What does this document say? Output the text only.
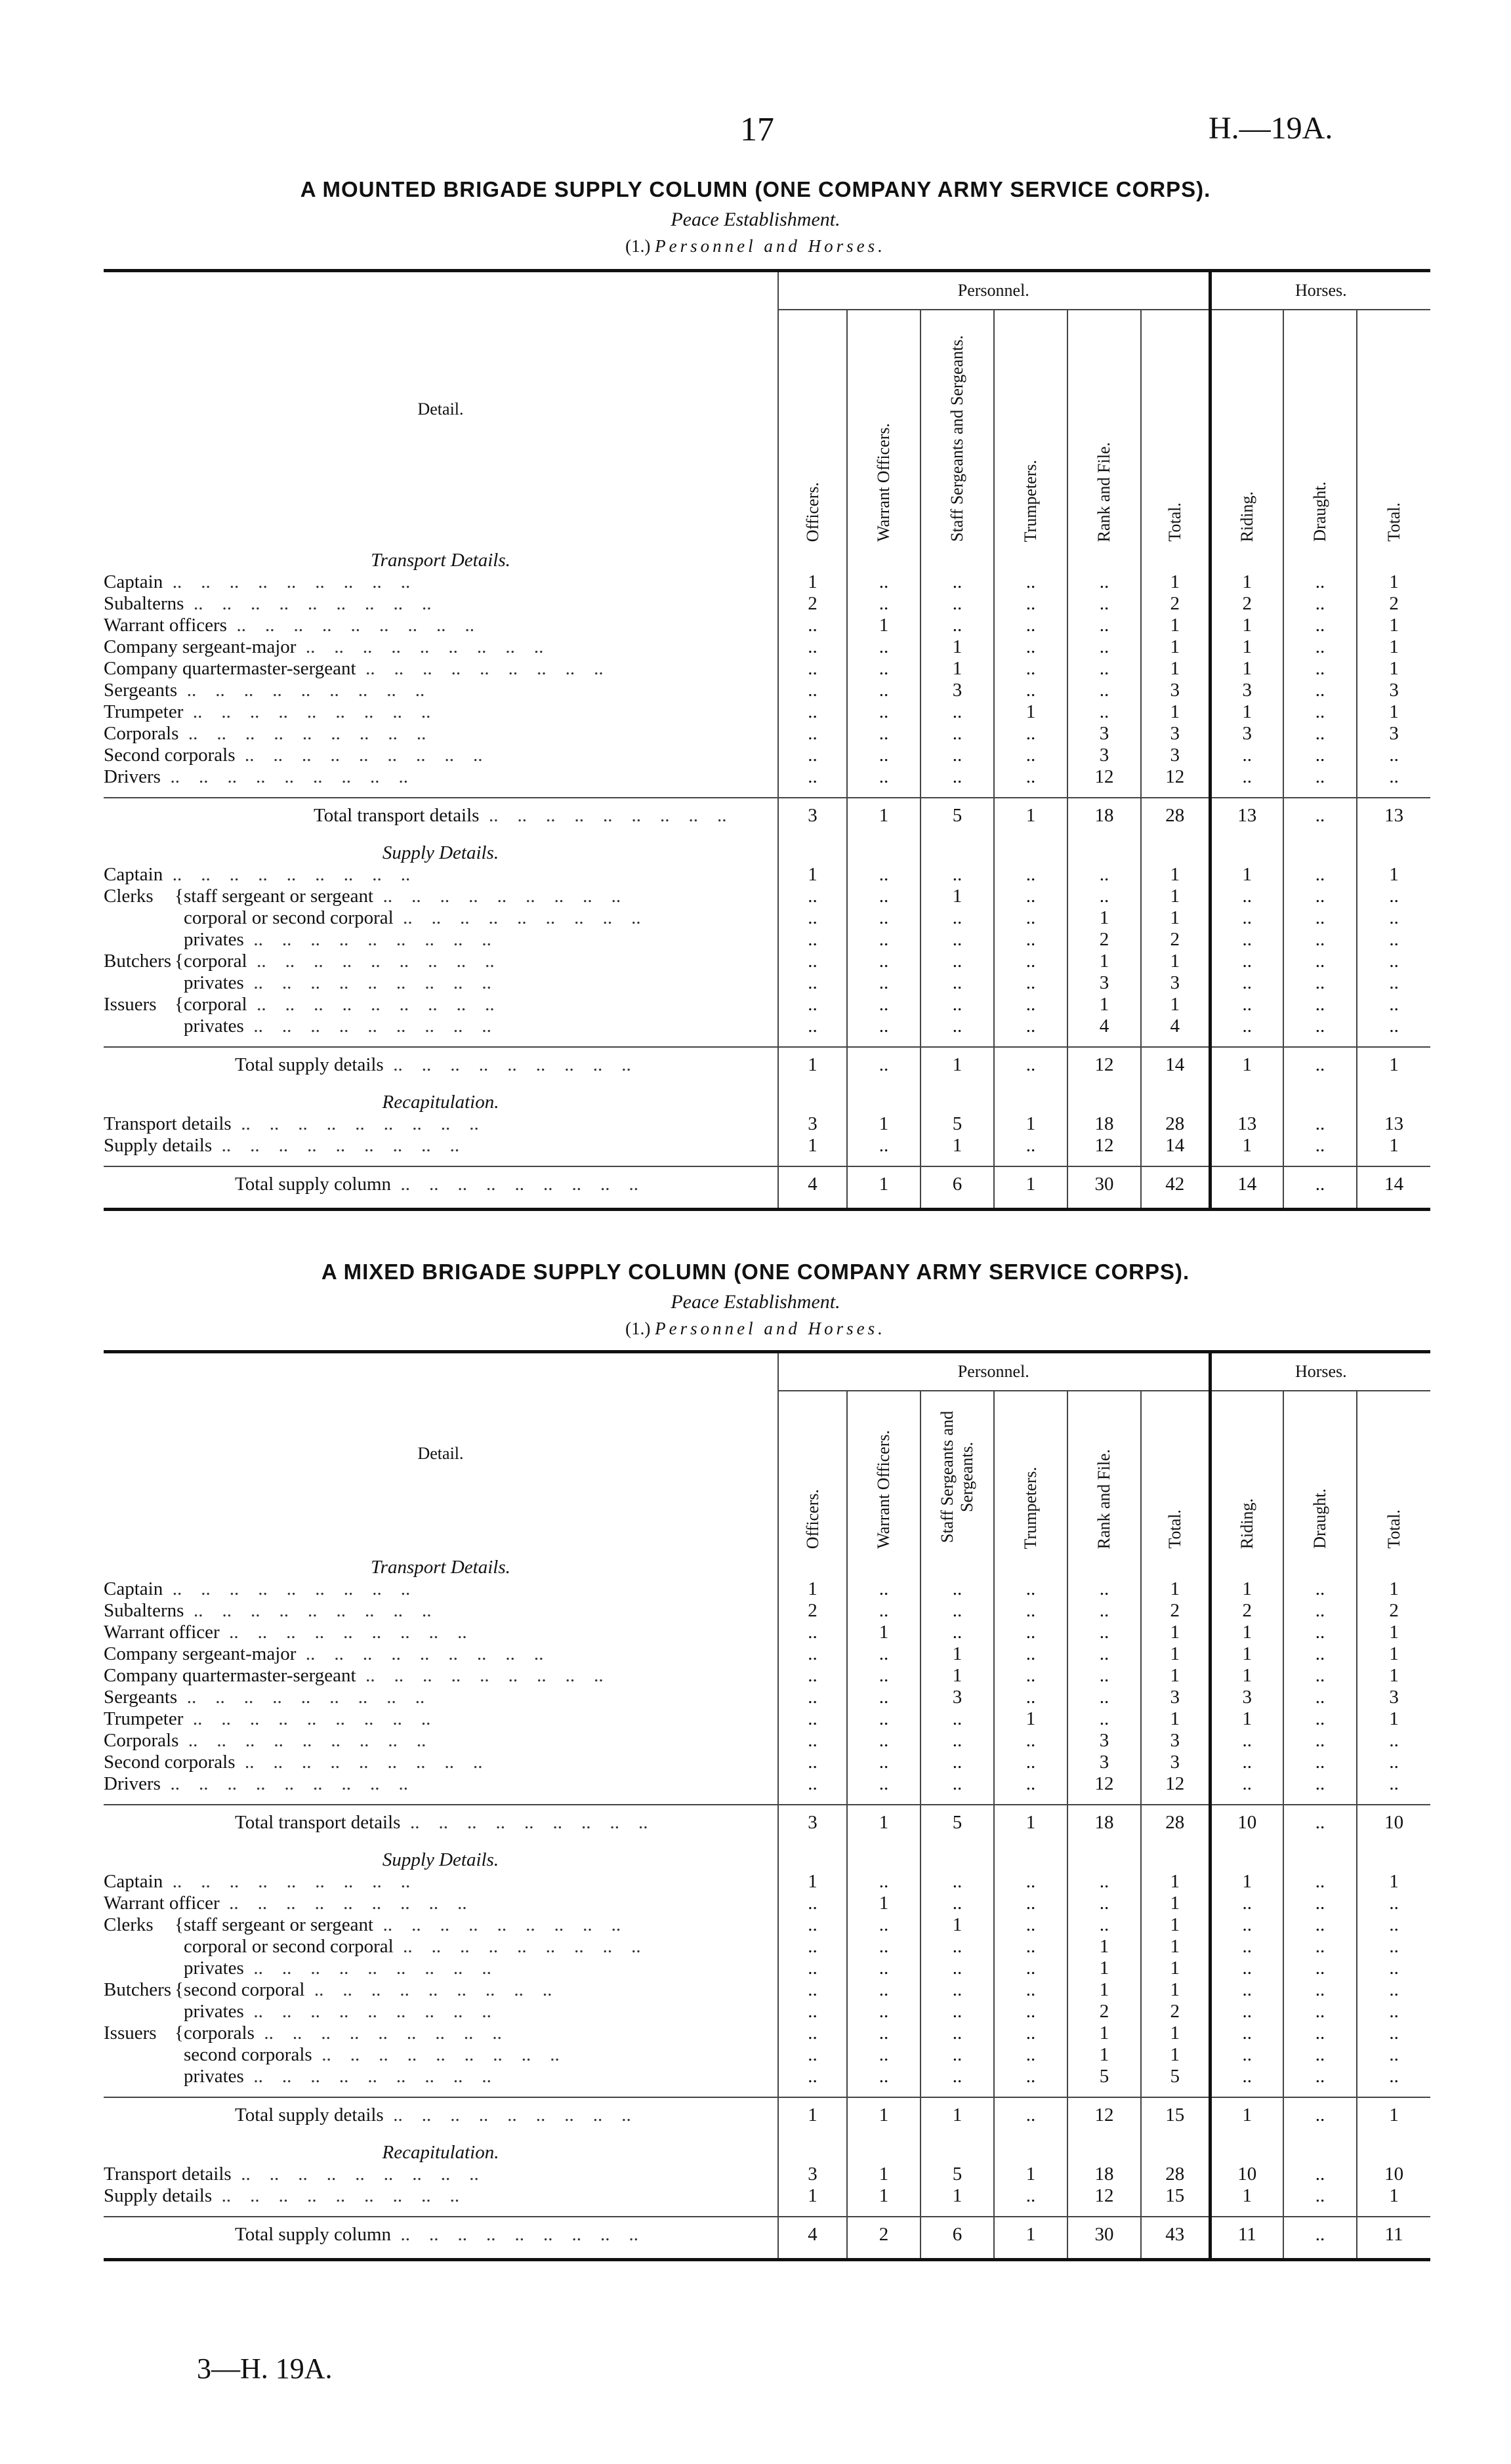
17	H.—19A.
A MOUNTED BRIGADE SUPPLY COLUMN (ONE COMPANY ARMY SERVICE CORPS).
Peace Establishment.
(1.) Personnel and Horses.
Detail.	Personnel.						Horses.		
	Officers.	Warrant Officers.	Staff Sergeants and Sergeants.	Trumpeters.	Rank and File.	Total.	Riding.	Draught.	Total.
Transport Details.									
Captain  ..    ..    ..    ..    ..    ..    ..    ..    ..	1	..	..	..	..	1	1	..	1
Subalterns  ..    ..    ..    ..    ..    ..    ..    ..    ..	2	..	..	..	..	2	2	..	2
Warrant officers  ..    ..    ..    ..    ..    ..    ..    ..    ..	..	1	..	..	..	1	1	..	1
Company sergeant-major  ..    ..    ..    ..    ..    ..    ..    ..    ..	..	..	1	..	..	1	1	..	1
Company quartermaster-sergeant  ..    ..    ..    ..    ..    ..    ..    ..    ..	..	..	1	..	..	1	1	..	1
Sergeants  ..    ..    ..    ..    ..    ..    ..    ..    ..	..	..	3	..	..	3	3	..	3
Trumpeter  ..    ..    ..    ..    ..    ..    ..    ..    ..	..	..	..	1	..	1	1	..	1
Corporals  ..    ..    ..    ..    ..    ..    ..    ..    ..	..	..	..	..	3	3	3	..	3
Second corporals  ..    ..    ..    ..    ..    ..    ..    ..    ..	..	..	..	..	3	3	..	..	..
Drivers  ..    ..    ..    ..    ..    ..    ..    ..    ..	..	..	..	..	12	12	..	..	..

Total transport details  ..    ..    ..    ..    ..    ..    ..    ..    ..	3	1	5	1	18	28	13	..	13

Supply Details.									
Captain  ..    ..    ..    ..    ..    ..    ..    ..    ..	1	..	..	..	..	1	1	..	1
Clerks {staff sergeant or sergeant  ..    ..    ..    ..    ..    ..    ..    ..    ..	..	..	1	..	..	1	..	..	..
corporal or second corporal  ..    ..    ..    ..    ..    ..    ..    ..    ..	..	..	..	..	1	1	..	..	..
privates  ..    ..    ..    ..    ..    ..    ..    ..    ..	..	..	..	..	2	2	..	..	..
Butchers {corporal  ..    ..    ..    ..    ..    ..    ..    ..    ..	..	..	..	..	1	1	..	..	..
privates  ..    ..    ..    ..    ..    ..    ..    ..    ..	..	..	..	..	3	3	..	..	..
Issuers {corporal  ..    ..    ..    ..    ..    ..    ..    ..    ..	..	..	..	..	1	1	..	..	..
privates  ..    ..    ..    ..    ..    ..    ..    ..    ..	..	..	..	..	4	4	..	..	..

Total supply details  ..    ..    ..    ..    ..    ..    ..    ..    ..	1	..	1	..	12	14	1	..	1

Recapitulation.									
Transport details  ..    ..    ..    ..    ..    ..    ..    ..    ..	3	1	5	1	18	28	13	..	13
Supply details  ..    ..    ..    ..    ..    ..    ..    ..    ..	1	..	1	..	12	14	1	..	1

Total supply column  ..    ..    ..    ..    ..    ..    ..    ..    ..	4	1	6	1	30	42	14	..	14

A MIXED BRIGADE SUPPLY COLUMN (ONE COMPANY ARMY SERVICE CORPS).
Peace Establishment.
(1.) Personnel and Horses.
Detail.	Personnel.						Horses.		
	Officers.	Warrant Officers.	Staff Sergeants and Sergeants.	Trumpeters.	Rank and File.	Total.	Riding.	Draught.	Total.
Transport Details.									
Captain  ..    ..    ..    ..    ..    ..    ..    ..    ..	1	..	..	..	..	1	1	..	1
Subalterns  ..    ..    ..    ..    ..    ..    ..    ..    ..	2	..	..	..	..	2	2	..	2
Warrant officer  ..    ..    ..    ..    ..    ..    ..    ..    ..	..	1	..	..	..	1	1	..	1
Company sergeant-major  ..    ..    ..    ..    ..    ..    ..    ..    ..	..	..	1	..	..	1	1	..	1
Company quartermaster-sergeant  ..    ..    ..    ..    ..    ..    ..    ..    ..	..	..	1	..	..	1	1	..	1
Sergeants  ..    ..    ..    ..    ..    ..    ..    ..    ..	..	..	3	..	..	3	3	..	3
Trumpeter  ..    ..    ..    ..    ..    ..    ..    ..    ..	..	..	..	1	..	1	1	..	1
Corporals  ..    ..    ..    ..    ..    ..    ..    ..    ..	..	..	..	..	3	3	..	..	..
Second corporals  ..    ..    ..    ..    ..    ..    ..    ..    ..	..	..	..	..	3	3	..	..	..
Drivers  ..    ..    ..    ..    ..    ..    ..    ..    ..	..	..	..	..	12	12	..	..	..

Total transport details  ..    ..    ..    ..    ..    ..    ..    ..    ..	3	1	5	1	18	28	10	..	10

Supply Details.									
Captain  ..    ..    ..    ..    ..    ..    ..    ..    ..	1	..	..	..	..	1	1	..	1
Warrant officer  ..    ..    ..    ..    ..    ..    ..    ..    ..	..	1	..	..	..	1	..	..	..
Clerks {staff sergeant or sergeant  ..    ..    ..    ..    ..    ..    ..    ..    ..	..	..	1	..	..	1	..	..	..
corporal or second corporal  ..    ..    ..    ..    ..    ..    ..    ..    ..	..	..	..	..	1	1	..	..	..
privates  ..    ..    ..    ..    ..    ..    ..    ..    ..	..	..	..	..	1	1	..	..	..
Butchers {second corporal  ..    ..    ..    ..    ..    ..    ..    ..    ..	..	..	..	..	1	1	..	..	..
privates  ..    ..    ..    ..    ..    ..    ..    ..    ..	..	..	..	..	2	2	..	..	..
Issuers {corporals  ..    ..    ..    ..    ..    ..    ..    ..    ..	..	..	..	..	1	1	..	..	..
second corporals  ..    ..    ..    ..    ..    ..    ..    ..    ..	..	..	..	..	1	1	..	..	..
privates  ..    ..    ..    ..    ..    ..    ..    ..    ..	..	..	..	..	5	5	..	..	..

Total supply details  ..    ..    ..    ..    ..    ..    ..    ..    ..	1	1	1	..	12	15	1	..	1

Recapitulation.									
Transport details  ..    ..    ..    ..    ..    ..    ..    ..    ..	3	1	5	1	18	28	10	..	10
Supply details  ..    ..    ..    ..    ..    ..    ..    ..    ..	1	1	1	..	12	15	1	..	1

Total supply column  ..    ..    ..    ..    ..    ..    ..    ..    ..	4	2	6	1	30	43	11	..	11

3—H. 19A.
